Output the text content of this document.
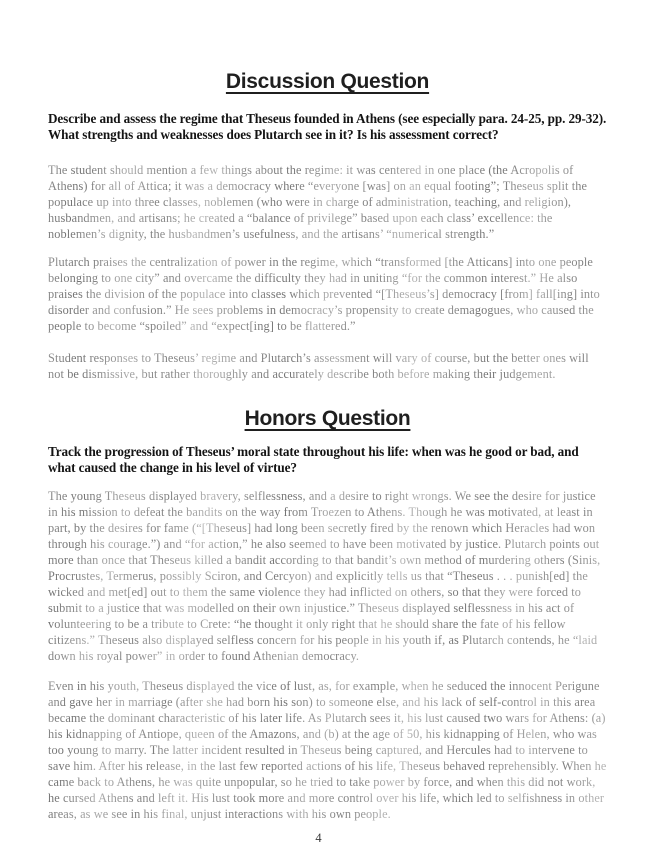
Discussion Question

Describe and assess the regime that Theseus founded in Athens (see especially para. 24-25, pp. 29-32). What strengths and weaknesses does Plutarch see in it? Is his assessment correct?

The student should mention a few things about the regime: it was centered in one place (the Acropolis of Athens) for all of Attica; it was a democracy where “everyone [was] on an equal footing”; Theseus split the populace up into three classes, noblemen (who were in charge of administration, teaching, and religion), husbandmen, and artisans; he created a “balance of privilege” based upon each class’ excellence: the noblemen’s dignity, the husbandmen’s usefulness, and the artisans’ “numerical strength.”

Plutarch praises the centralization of power in the regime, which “transformed [the Atticans] into one people belonging to one city” and overcame the difficulty they had in uniting “for the common interest.” He also praises the division of the populace into classes which prevented “[Theseus’s] democracy [from] fall[ing] into disorder and confusion.” He sees problems in democracy’s propensity to create demagogues, who caused the people to become “spoiled” and “expect[ing] to be flattered.”

Student responses to Theseus’ regime and Plutarch’s assessment will vary of course, but the better ones will not be dismissive, but rather thoroughly and accurately describe both before making their judgement.

Honors Question

Track the progression of Theseus’ moral state throughout his life: when was he good or bad, and what caused the change in his level of virtue?

The young Theseus displayed bravery, selflessness, and a desire to right wrongs. We see the desire for justice in his mission to defeat the bandits on the way from Troezen to Athens. Though he was motivated, at least in part, by the desires for fame (“[Theseus] had long been secretly fired by the renown which Heracles had won through his courage.”) and “for action,” he also seemed to have been motivated by justice. Plutarch points out more than once that Theseus killed a bandit according to that bandit’s own method of murdering others (Sinis, Procrustes, Termerus, possibly Sciron, and Cercyon) and explicitly tells us that “Theseus . . . punish[ed] the wicked and met[ed] out to them the same violence they had inflicted on others, so that they were forced to submit to a justice that was modelled on their own injustice.” Theseus displayed selflessness in his act of volunteering to be a tribute to Crete: “he thought it only right that he should share the fate of his fellow citizens.” Theseus also displayed selfless concern for his people in his youth if, as Plutarch contends, he “laid down his royal power” in order to found Athenian democracy.

Even in his youth, Theseus displayed the vice of lust, as, for example, when he seduced the innocent Perigune and gave her in marriage (after she had born his son) to someone else, and his lack of self-control in this area became the dominant characteristic of his later life. As Plutarch sees it, his lust caused two wars for Athens: (a) his kidnapping of Antiope, queen of the Amazons, and (b) at the age of 50, his kidnapping of Helen, who was too young to marry. The latter incident resulted in Theseus being captured, and Hercules had to intervene to save him. After his release, in the last few reported actions of his life, Theseus behaved reprehensibly. When he came back to Athens, he was quite unpopular, so he tried to take power by force, and when this did not work, he cursed Athens and left it. His lust took more and more control over his life, which led to selfishness in other areas, as we see in his final, unjust interactions with his own people.

4
